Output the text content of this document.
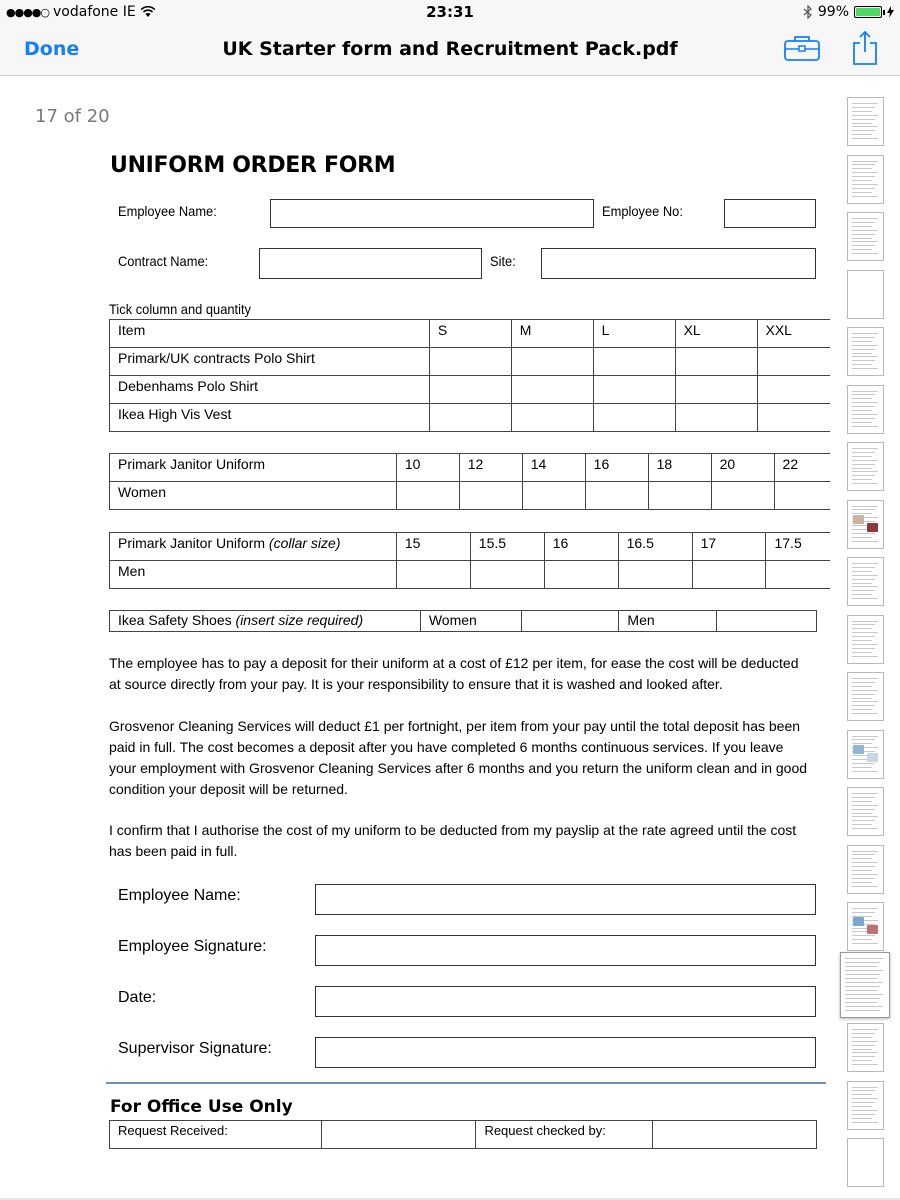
●●●●○ vodafone IE	23:31	99%
Done	UK Starter form and Recruitment Pack.pdf
17 of 20
UNIFORM ORDER FORM
Employee Name:	Employee No:
Contract Name:	Site:
Tick column and quantity
Item	S	M	L	XL	XXL
Primark/UK contracts Polo Shirt					
Debenhams Polo Shirt					
Ikea High Vis Vest					
Primark Janitor Uniform	10	12	14	16	18	20	22
Women							
Primark Janitor Uniform (collar size)	15	15.5	16	16.5	17	17.5
Men						
Ikea Safety Shoes (insert size required)	Women		Men	
The employee has to pay a deposit for their uniform at a cost of £12 per item, for ease the cost will be deducted at source directly from your pay. It is your responsibility to ensure that it is washed and looked after.
Grosvenor Cleaning Services will deduct £1 per fortnight, per item from your pay until the total deposit has been paid in full. The cost becomes a deposit after you have completed 6 months continuous services. If you leave your employment with Grosvenor Cleaning Services after 6 months and you return the uniform clean and in good condition your deposit will be returned.
I confirm that I authorise the cost of my uniform to be deducted from my payslip at the rate agreed until the cost has been paid in full.
Employee Name:
Employee Signature:
Date:
Supervisor Signature:
For Office Use Only
Request Received:		Request checked by:	
